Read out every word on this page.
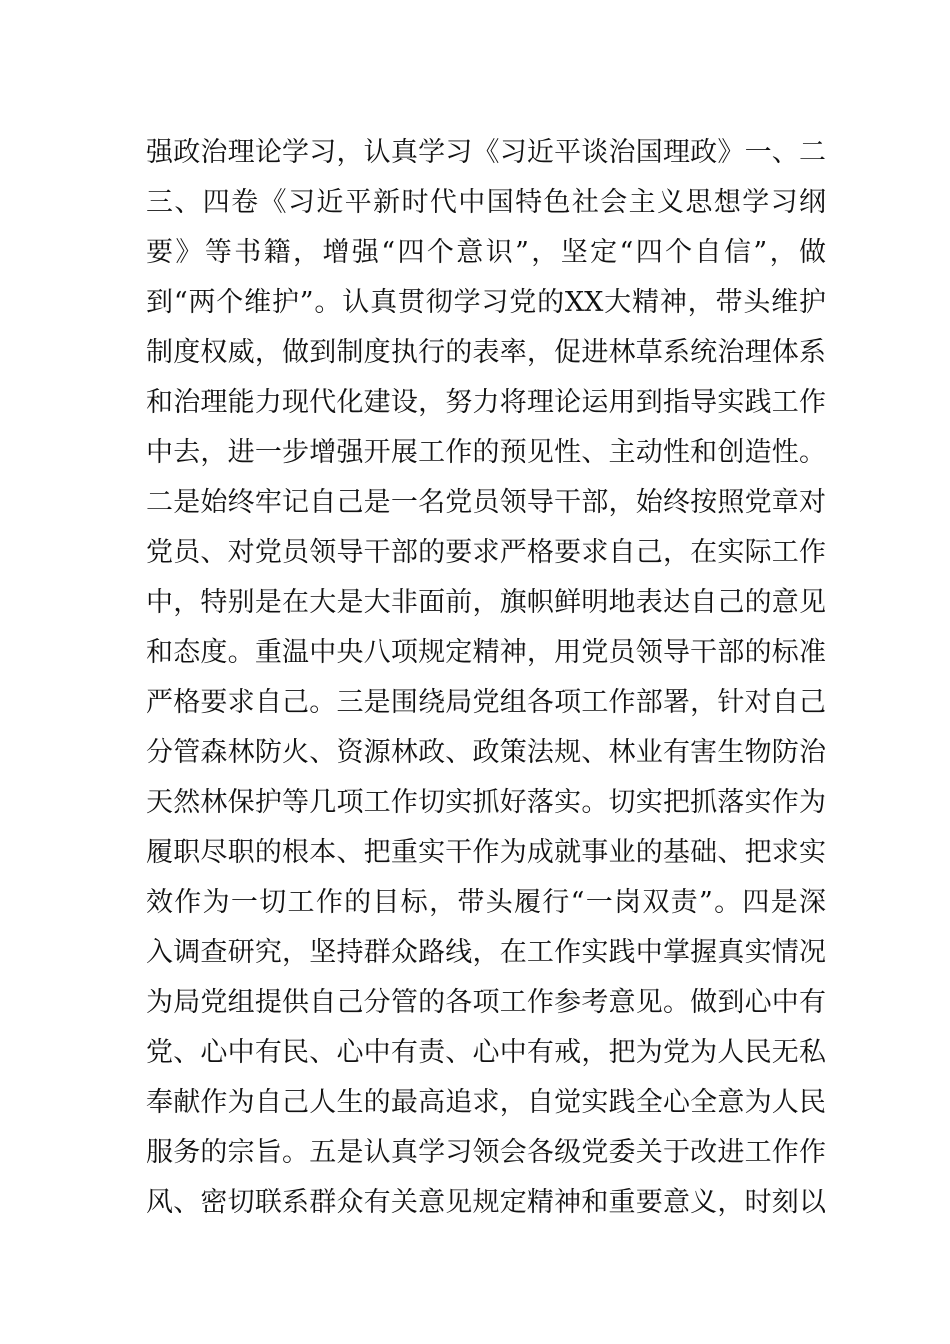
强政治理论学习，认真学习《习近平谈治国理政》一、二
三、四卷《习近平新时代中国特色社会主义思想学习纲
要》等书籍，增强“四个意识”，坚定“四个自信”，做
到“两个维护”。认真贯彻学习党的XX大精神，带头维护
制度权威，做到制度执行的表率，促进林草系统治理体系
和治理能力现代化建设，努力将理论运用到指导实践工作
中去，进一步增强开展工作的预见性、主动性和创造性。
二是始终牢记自己是一名党员领导干部，始终按照党章对
党员、对党员领导干部的要求严格要求自己，在实际工作
中，特别是在大是大非面前，旗帜鲜明地表达自己的意见
和态度。重温中央八项规定精神，用党员领导干部的标准
严格要求自己。三是围绕局党组各项工作部署，针对自己
分管森林防火、资源林政、政策法规、林业有害生物防治
天然林保护等几项工作切实抓好落实。切实把抓落实作为
履职尽职的根本、把重实干作为成就事业的基础、把求实
效作为一切工作的目标，带头履行“一岗双责”。四是深
入调查研究，坚持群众路线，在工作实践中掌握真实情况
为局党组提供自己分管的各项工作参考意见。做到心中有
党、心中有民、心中有责、心中有戒，把为党为人民无私
奉献作为自己人生的最高追求，自觉实践全心全意为人民
服务的宗旨。五是认真学习领会各级党委关于改进工作作
风、密切联系群众有关意见规定精神和重要意义，时刻以
